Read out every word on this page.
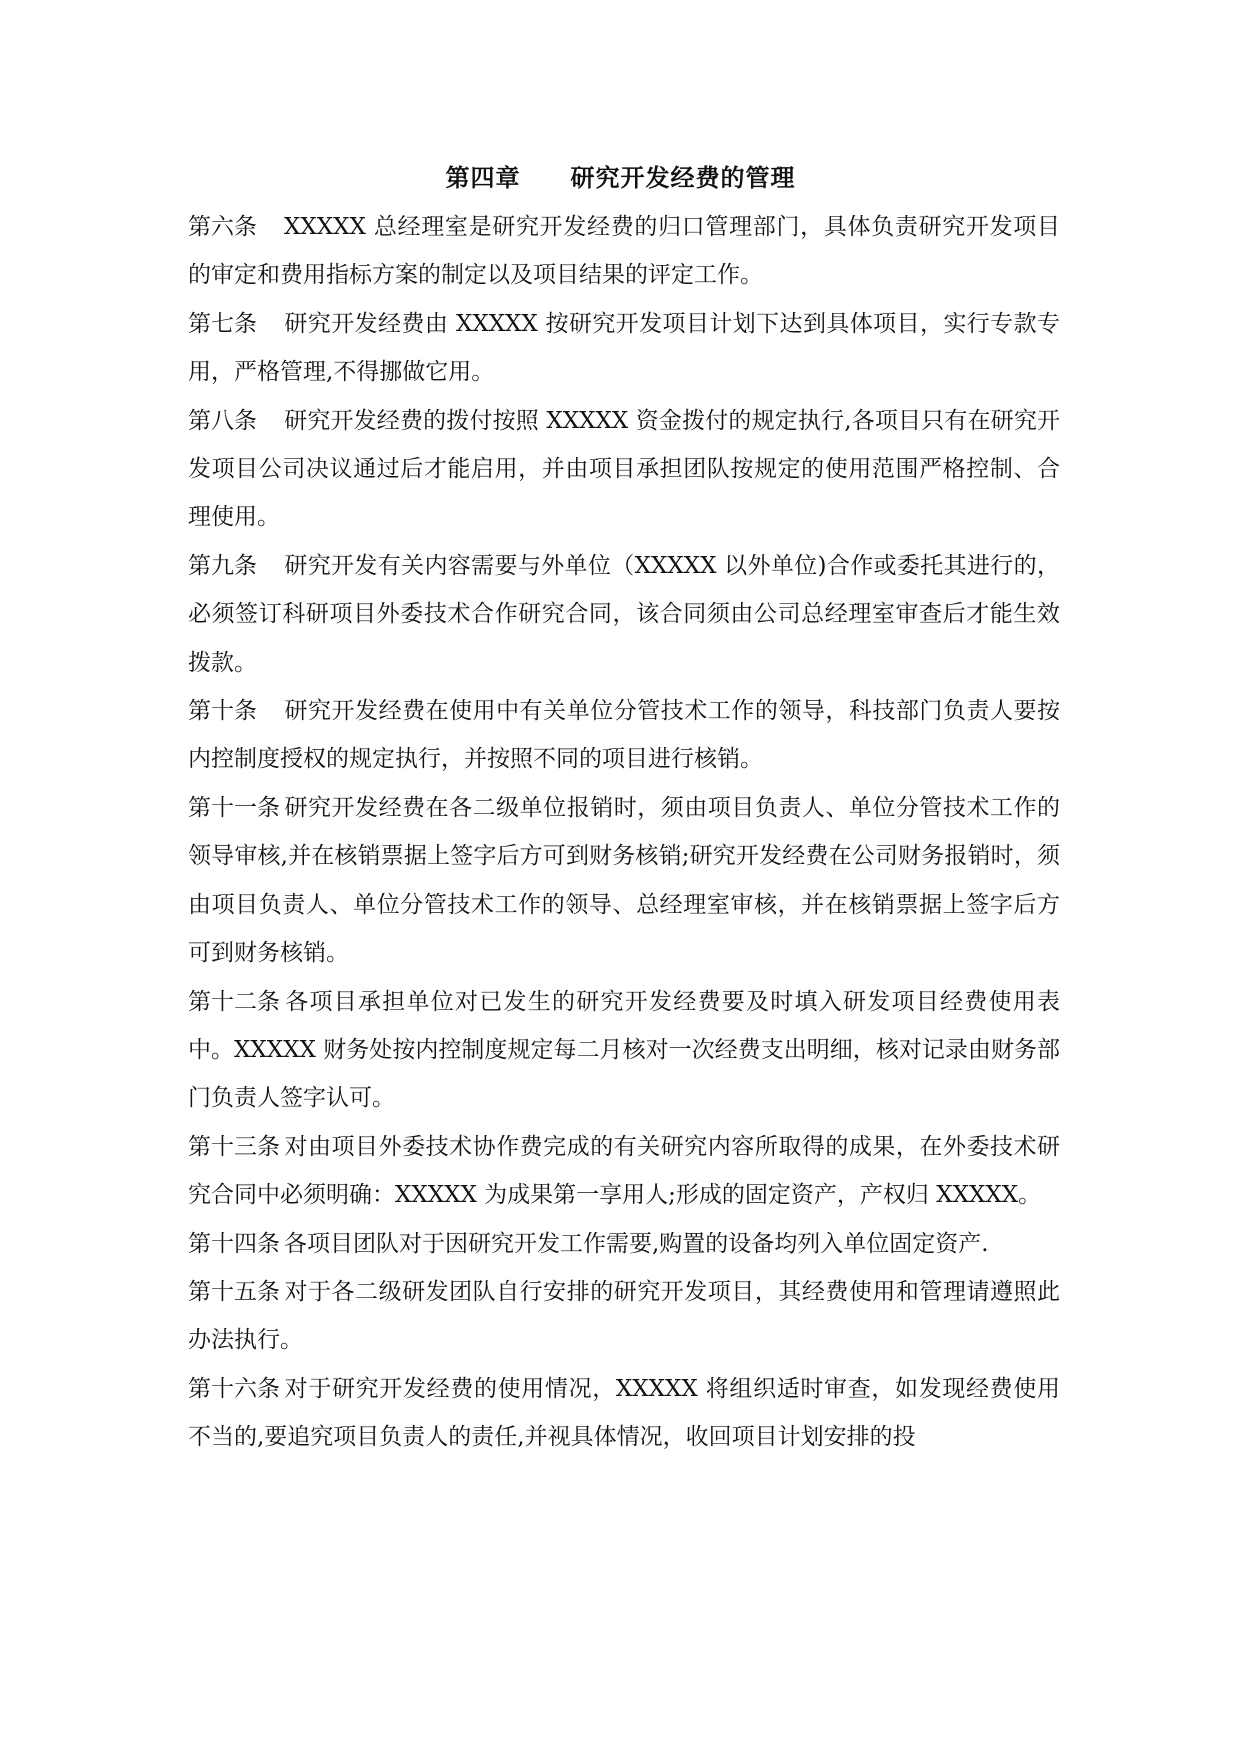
第四章　　研究开发经费的管理

第六条 XXXXX 总经理室是研究开发经费的归口管理部门，具体负责研究开发项目的审定和费用指标方案的制定以及项目结果的评定工作。

第七条 研究开发经费由 XXXXX 按研究开发项目计划下达到具体项目，实行专款专用，严格管理,不得挪做它用。

第八条 研究开发经费的拨付按照 XXXXX 资金拨付的规定执行,各项目只有在研究开发项目公司决议通过后才能启用，并由项目承担团队按规定的使用范围严格控制、合理使用。

第九条 研究开发有关内容需要与外单位（XXXXX 以外单位)合作或委托其进行的，必须签订科研项目外委技术合作研究合同，该合同须由公司总经理室审查后才能生效拨款。

第十条 研究开发经费在使用中有关单位分管技术工作的领导，科技部门负责人要按内控制度授权的规定执行，并按照不同的项目进行核销。

第十一条 研究开发经费在各二级单位报销时，须由项目负责人、单位分管技术工作的领导审核,并在核销票据上签字后方可到财务核销;研究开发经费在公司财务报销时，须由项目负责人、单位分管技术工作的领导、总经理室审核，并在核销票据上签字后方可到财务核销。

第十二条 各项目承担单位对已发生的研究开发经费要及时填入研发项目经费使用表中。XXXXX 财务处按内控制度规定每二月核对一次经费支出明细，核对记录由财务部门负责人签字认可。

第十三条 对由项目外委技术协作费完成的有关研究内容所取得的成果，在外委技术研究合同中必须明确：XXXXX 为成果第一享用人;形成的固定资产，产权归 XXXXX。

第十四条 各项目团队对于因研究开发工作需要,购置的设备均列入单位固定资产.

第十五条 对于各二级研发团队自行安排的研究开发项目，其经费使用和管理请遵照此办法执行。

第十六条 对于研究开发经费的使用情况，XXXXX 将组织适时审查，如发现经费使用不当的,要追究项目负责人的责任,并视具体情况，收回项目计划安排的投
